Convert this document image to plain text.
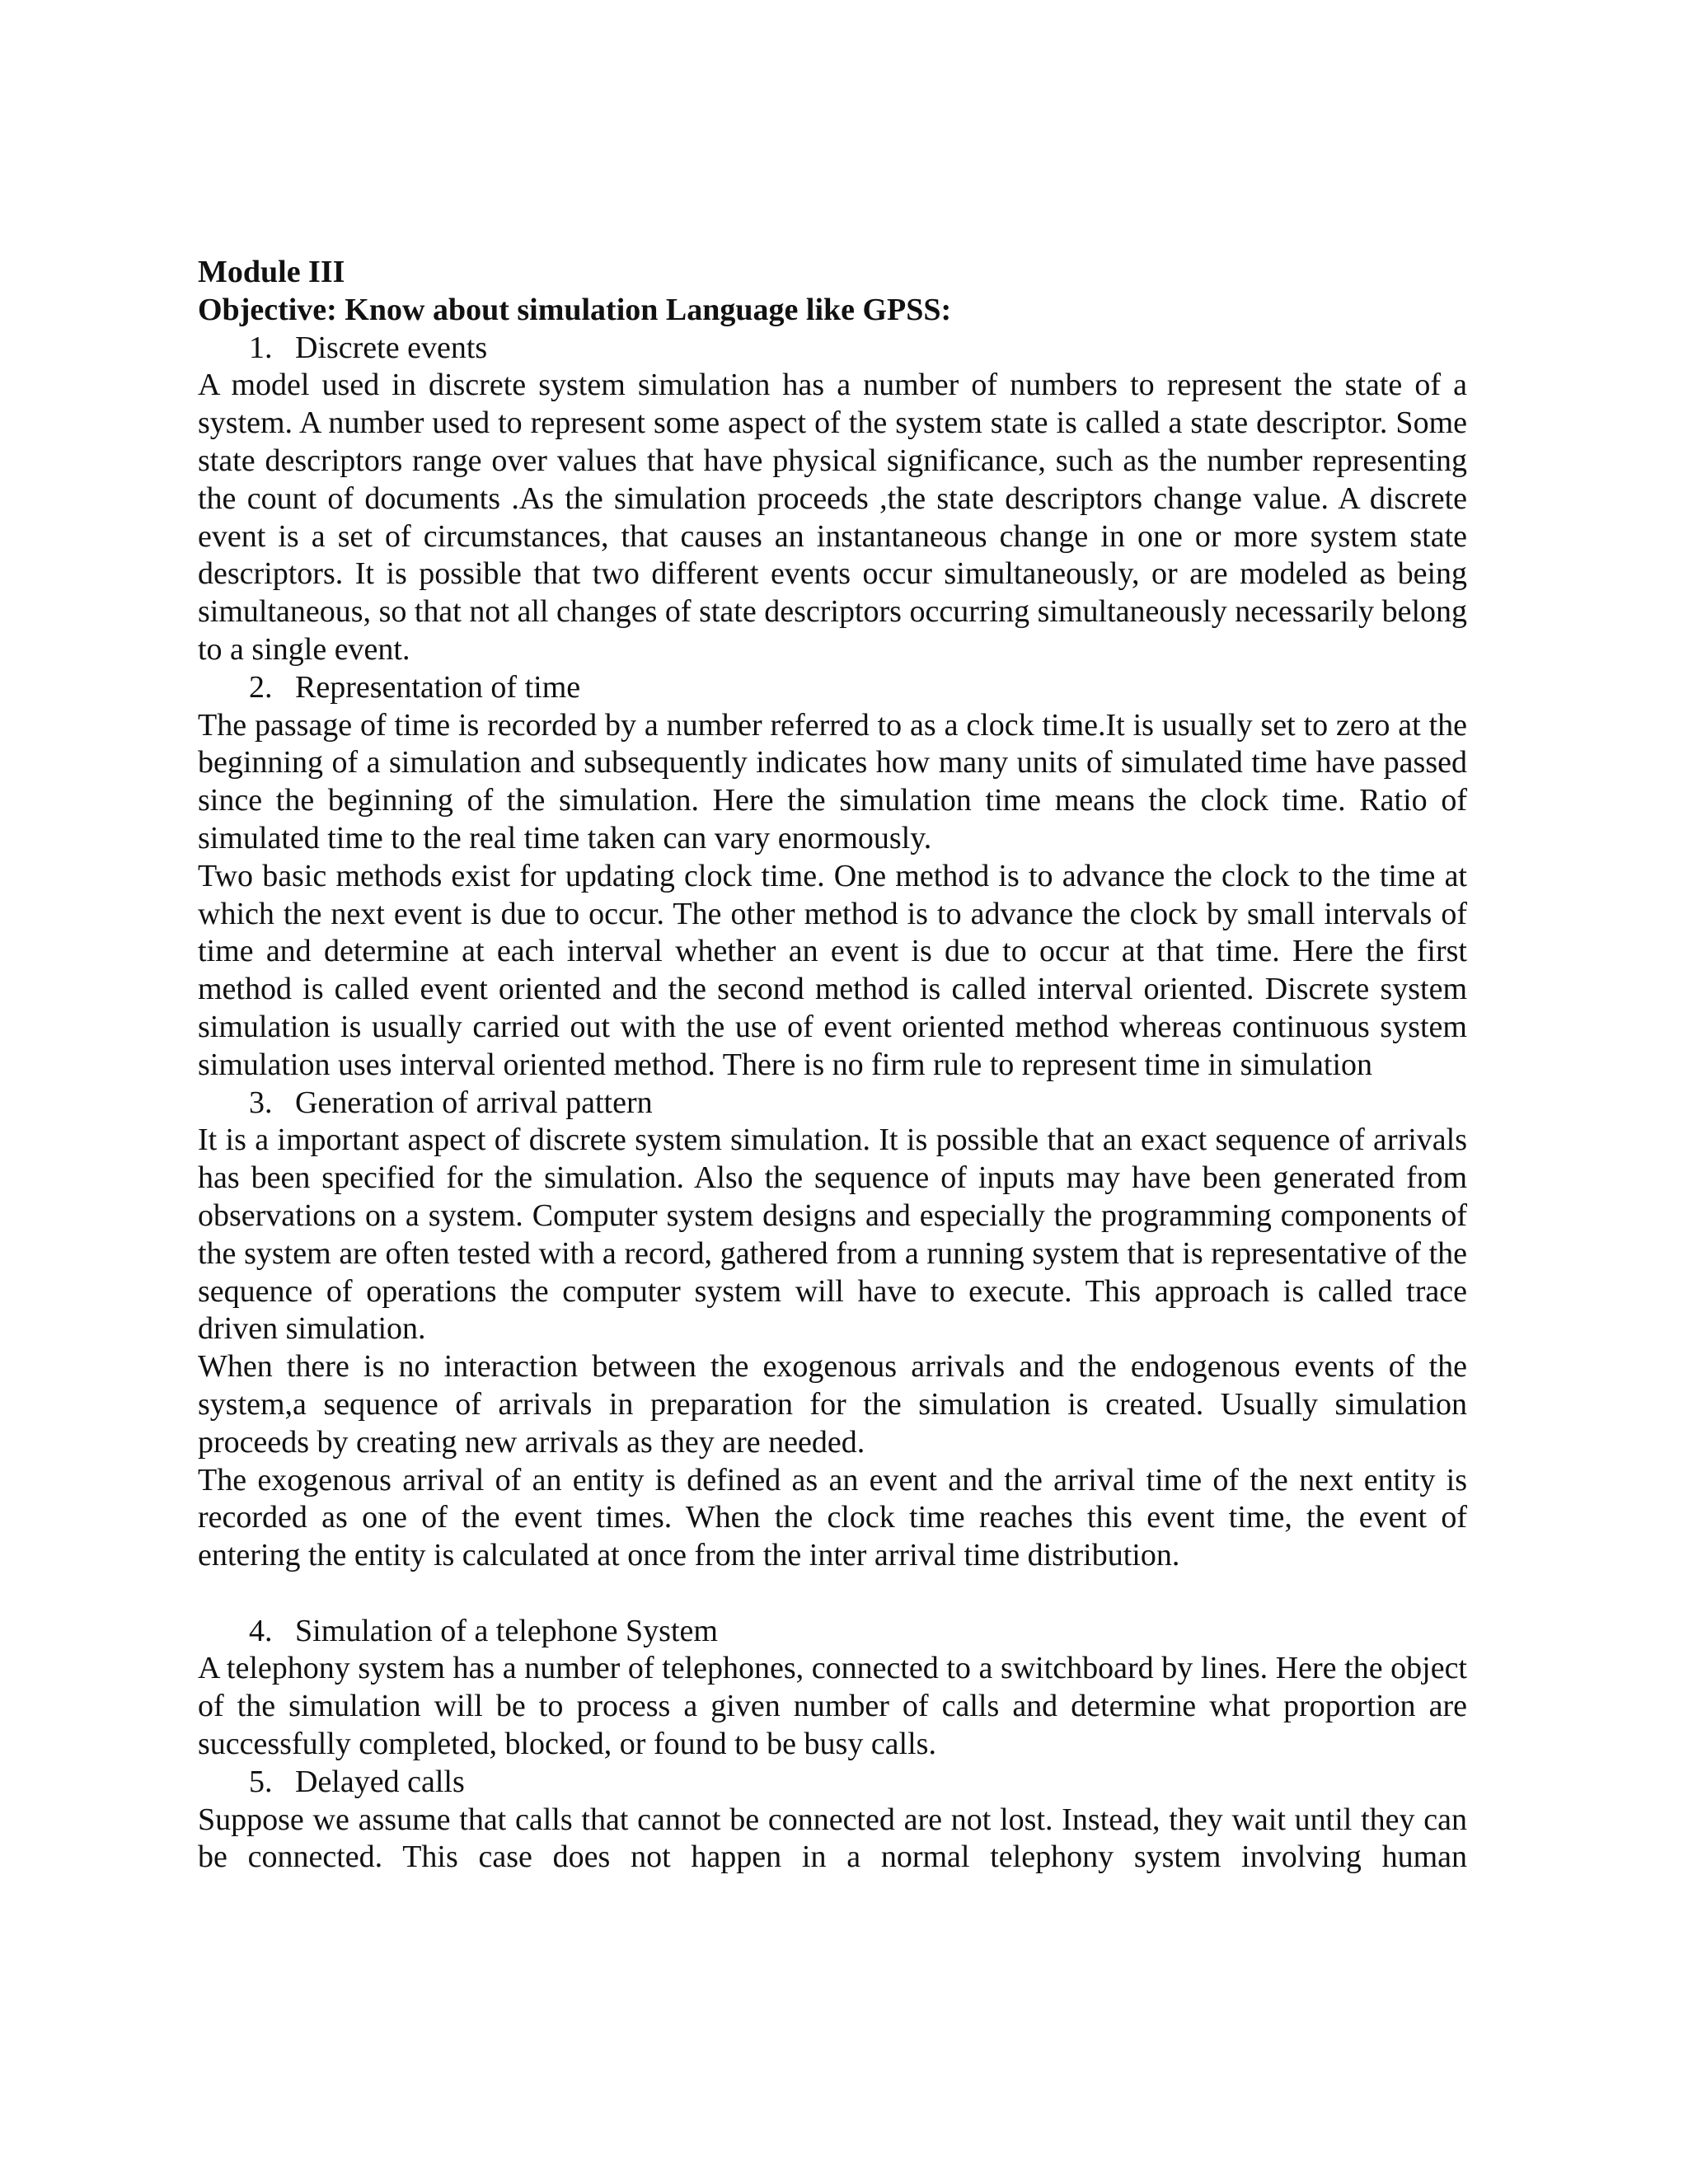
Module III

Objective: Know about simulation Language like GPSS:

1. Discrete events

A model used in discrete system simulation has a number of numbers to represent the state of a system. A number used to represent some aspect of the system state is called a state descriptor. Some state descriptors range over values that have physical significance, such as the number representing the count of documents .As the simulation proceeds ,the state descriptors change value. A discrete event is a set of circumstances, that causes an instantaneous change in one or more system state descriptors. It is possible that two different events occur simultaneously, or are modeled as being simultaneous, so that not all changes of state descriptors occurring simultaneously necessarily belong to a single event.

2. Representation of time

The passage of time is recorded by a number referred to as a clock time.It is usually set to zero at the beginning of a simulation and subsequently indicates how many units of simulated time have passed since the beginning of the simulation. Here the simulation time means the clock time. Ratio of simulated time to the real time taken can vary enormously.

Two basic methods exist for updating clock time. One method is to advance the clock to the time at which the next event is due to occur. The other method is to advance the clock by small intervals of time and determine at each interval whether an event is due to occur at that time. Here the first method is called event oriented and the second method is called interval oriented. Discrete system simulation is usually carried out with the use of event oriented method whereas continuous system simulation uses interval oriented method. There is no firm rule to represent time in simulation

3. Generation of arrival pattern

It is a important aspect of discrete system simulation. It is possible that an exact sequence of arrivals has been specified for the simulation. Also the sequence of inputs may have been generated from observations on a system. Computer system designs and especially the programming components of the system are often tested with a record, gathered from a running system that is representative of the sequence of operations the computer system will have to execute. This approach is called trace driven simulation.

When there is no interaction between the exogenous arrivals and the endogenous events of the system,a sequence of arrivals in preparation for the simulation is created. Usually simulation proceeds by creating new arrivals as they are needed.

The exogenous arrival of an entity is defined as an event and the arrival time of the next entity is recorded as one of the event times. When the clock time reaches this event time, the event of entering the entity is calculated at once from the inter arrival time distribution.

4. Simulation of a telephone System

A telephony system has a number of telephones, connected to a switchboard by lines. Here the object of the simulation will be to process a given number of calls and determine what proportion are successfully completed, blocked, or found to be busy calls.

5. Delayed calls

Suppose we assume that calls that cannot be connected are not lost. Instead, they wait until they can be connected. This case does not happen in a normal telephony system involving human
